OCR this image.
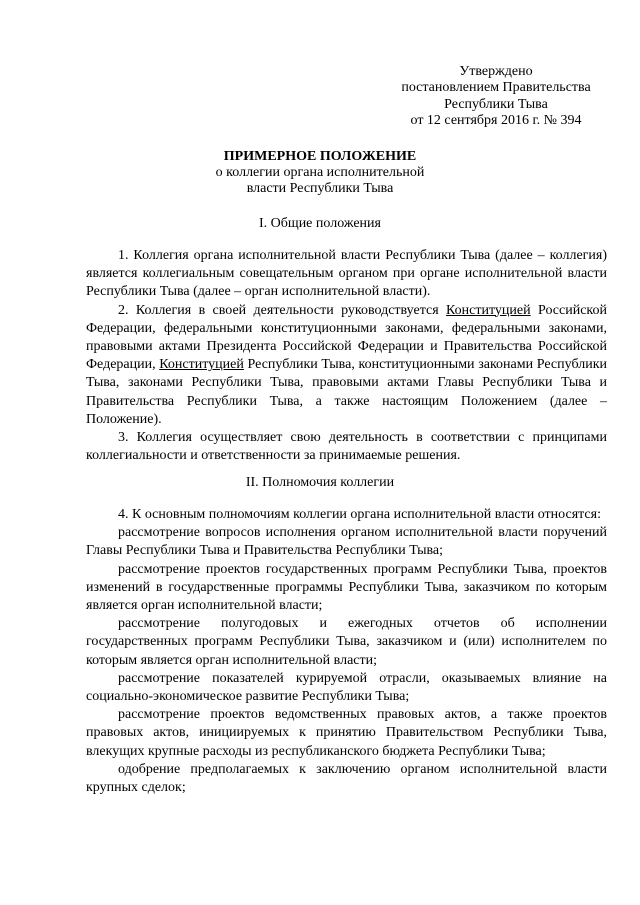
Утверждено
постановлением Правительства
Республики Тыва
от 12 сентября 2016 г. № 394
ПРИМЕРНОЕ ПОЛОЖЕНИЕ
о коллегии органа исполнительной
власти Республики Тыва
I. Общие положения

1. Коллегия органа исполнительной власти Республики Тыва (далее – коллегия) является коллегиальным совещательным органом при органе исполнительной власти Республики Тыва (далее – орган исполнительной власти).

2. Коллегия в своей деятельности руководствуется Конституцией Российской Федерации, федеральными конституционными законами, федеральными законами, правовыми актами Президента Российской Федерации и Правительства Российской Федерации, Конституцией Республики Тыва, конституционными законами Республики Тыва, законами Республики Тыва, правовыми актами Главы Республики Тыва и Правительства Республики Тыва, а также настоящим Положением (далее – Положение).

3. Коллегия осуществляет свою деятельность в соответствии с принципами коллегиальности и ответственности за принимаемые решения.

II. Полномочия коллегии

4. К основным полномочиям коллегии органа исполнительной власти относятся:

рассмотрение вопросов исполнения органом исполнительной власти поручений Главы Республики Тыва и Правительства Республики Тыва;

рассмотрение проектов государственных программ Республики Тыва, проектов изменений в государственные программы Республики Тыва, заказчиком по которым является орган исполнительной власти;

рассмотрение полугодовых и ежегодных отчетов об исполнении государственных программ Республики Тыва, заказчиком и (или) исполнителем по которым является орган исполнительной власти;

рассмотрение показателей курируемой отрасли, оказываемых влияние на социально-экономическое развитие Республики Тыва;

рассмотрение проектов ведомственных правовых актов, а также проектов правовых актов, инициируемых к принятию Правительством Республики Тыва, влекущих крупные расходы из республиканского бюджета Республики Тыва;

одобрение предполагаемых к заключению органом исполнительной власти крупных сделок;
